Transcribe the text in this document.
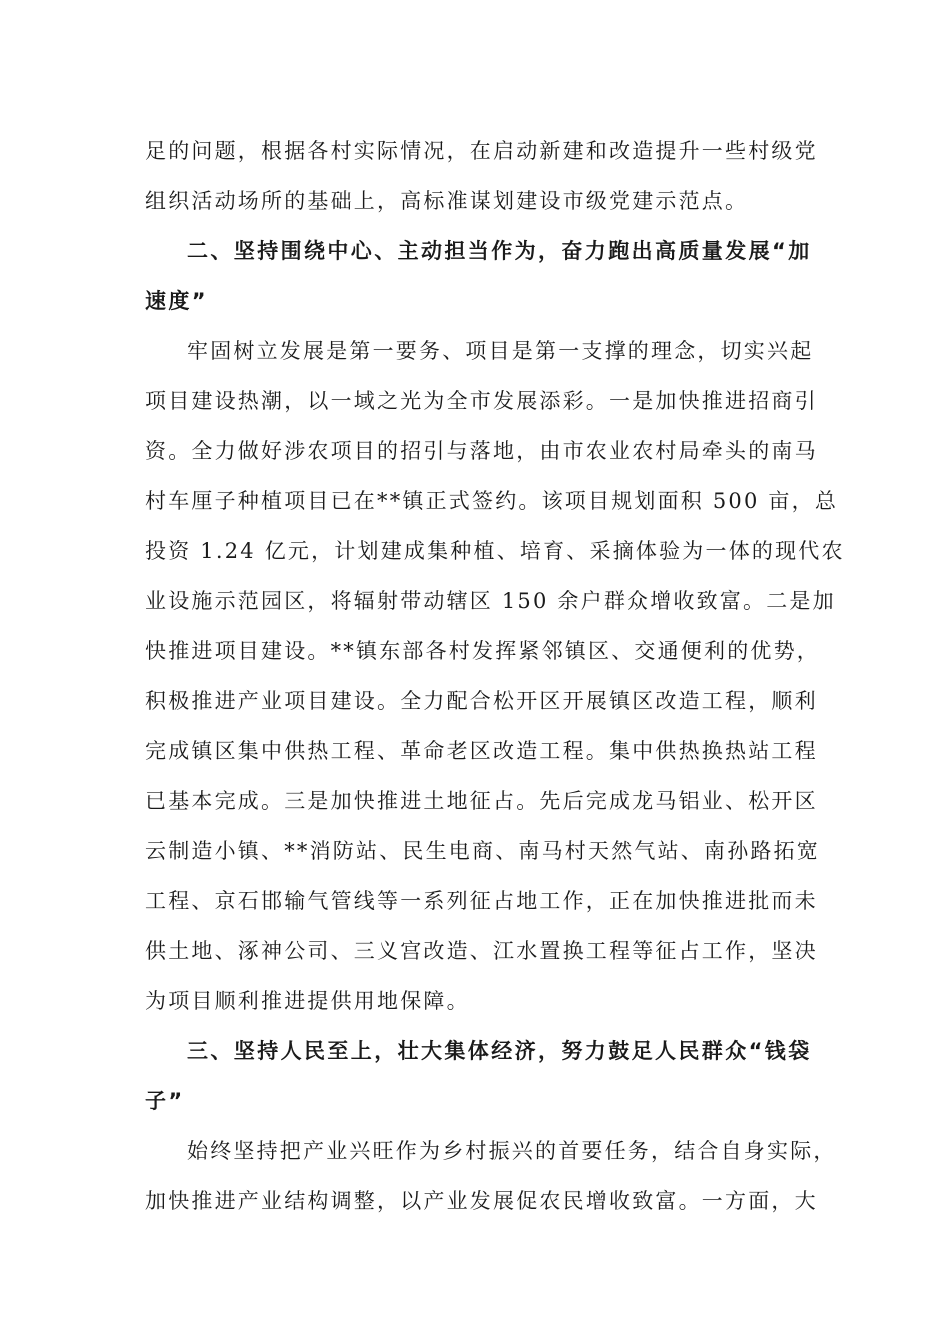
足的问题，根据各村实际情况，在启动新建和改造提升一些村级党
组织活动场所的基础上，高标准谋划建设市级党建示范点。
二、坚持围绕中心、主动担当作为，奋力跑出高质量发展“加
速度”
牢固树立发展是第一要务、项目是第一支撑的理念，切实兴起
项目建设热潮，以一域之光为全市发展添彩。一是加快推进招商引
资。全力做好涉农项目的招引与落地，由市农业农村局牵头的南马
村车厘子种植项目已在**镇正式签约。该项目规划面积 500 亩，总
投资 1.24 亿元，计划建成集种植、培育、采摘体验为一体的现代农
业设施示范园区，将辐射带动辖区 150 余户群众增收致富。二是加
快推进项目建设。**镇东部各村发挥紧邻镇区、交通便利的优势，
积极推进产业项目建设。全力配合松开区开展镇区改造工程，顺利
完成镇区集中供热工程、革命老区改造工程。集中供热换热站工程
已基本完成。三是加快推进土地征占。先后完成龙马铝业、松开区
云制造小镇、**消防站、民生电商、南马村天然气站、南孙路拓宽
工程、京石邯输气管线等一系列征占地工作，正在加快推进批而未
供土地、涿神公司、三义宫改造、江水置换工程等征占工作，坚决
为项目顺利推进提供用地保障。
三、坚持人民至上，壮大集体经济，努力鼓足人民群众“钱袋
子”
始终坚持把产业兴旺作为乡村振兴的首要任务，结合自身实际，
加快推进产业结构调整，以产业发展促农民增收致富。一方面，大
